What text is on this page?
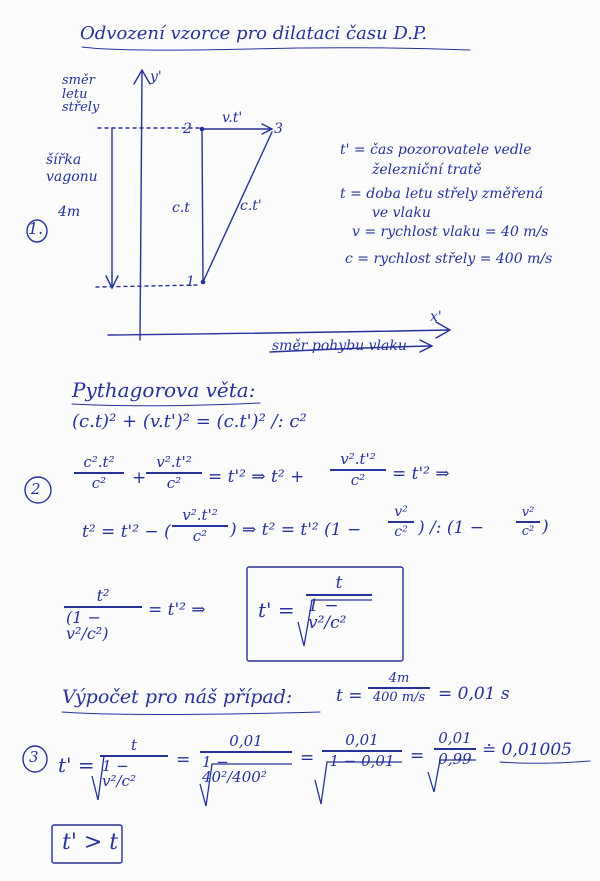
Odvození vzorce pro dilataci času D.P.
1.
y'
směr letu střely
šířka vagonu
4m
2	3
1
v.t'
c.t	c.t'
x'
směr pohybu vlaku
t' = čas pozorovatele vedle
železniční tratě
t = doba letu střely změřená
ve vlaku
v = rychlost vlaku = 40 m/s
c = rychlost střely = 400 m/s
Pythagorova věta:
(c.t)² + (v.t')² = (c.t')² /: c²
2
c².t²
c² +
v².t'²
c² = t'² ⇒ t² +
v².t'²
c² = t'² ⇒
t² = t'² − (
v².t'²
c² ) ⇒ t² = t'² (1 −
v²
c² ) /: (1 −
v²
c² )
t²
(1 − v²/c²)
= t'² ⇒	t' =
t
1 − v²/c²
Výpočet pro náš případ:	t =
4m
400 m/s = 0,01 s
3 t' =
t
1 − v²/c²
=
0,01
1 − 40²/400²
=
0,01
1 − 0,01 =
0,01
0,99 ≐ 0,01005
t' > t
